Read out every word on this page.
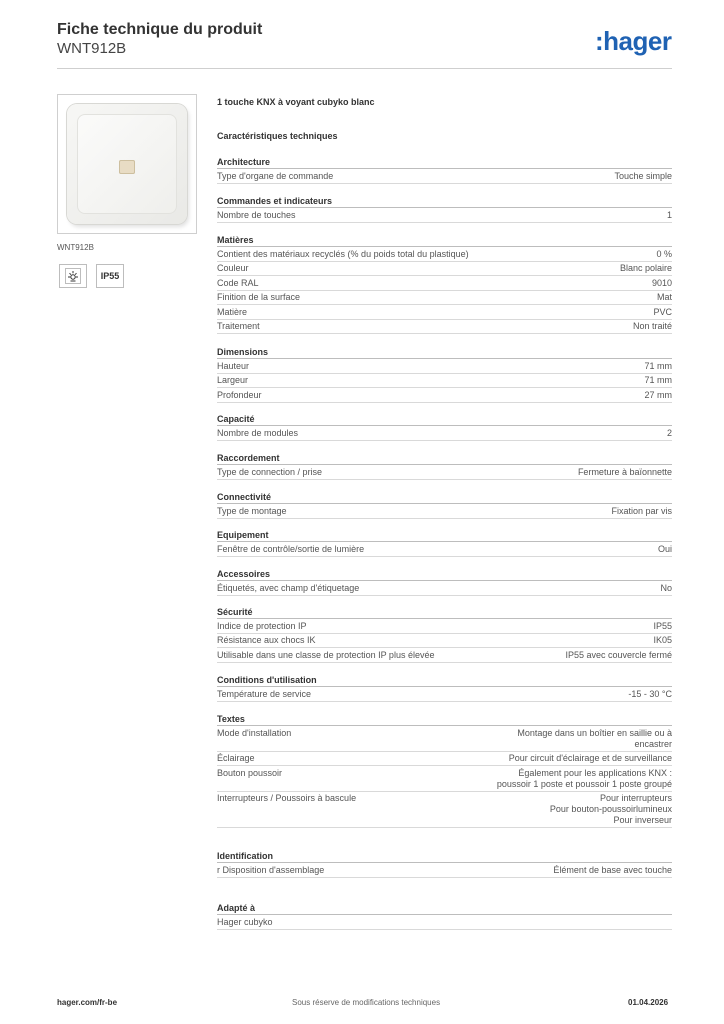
Fiche technique du produit
WNT912B	:hager
WNT912B
IP55
1 touche KNX à voyant cubyko blanc
Caractéristiques techniques
Architecture
Type d'organe de commande	Touche simple
Commandes et indicateurs
Nombre de touches	1
Matières
Contient des matériaux recyclés (% du poids total du plastique)	0 %
Couleur	Blanc polaire
Code RAL	9010
Finition de la surface	Mat
Matière	PVC
Traitement	Non traité
Dimensions
Hauteur	71 mm
Largeur	71 mm
Profondeur	27 mm
Capacité
Nombre de modules	2
Raccordement
Type de connection / prise	Fermeture à baïonnette
Connectivité
Type de montage	Fixation par vis
Equipement
Fenêtre de contrôle/sortie de lumière	Oui
Accessoires
Étiquetés, avec champ d'étiquetage	No
Sécurité
Indice de protection IP	IP55
Résistance aux chocs IK	IK05
Utilisable dans une classe de protection IP plus élevée	IP55 avec couvercle fermé
Conditions d'utilisation
Température de service	-15 - 30 °C
Textes
Mode d'installation	Montage dans un boîtier en saillie ou à encastrer
Éclairage	Pour circuit d'éclairage et de surveillance
Bouton poussoir	Également pour les applications KNX : poussoir 1 poste et poussoir 1 poste groupé
Interrupteurs / Poussoirs à bascule	Pour interrupteurs
Pour bouton-poussoirlumineux
Pour inverseur
Identification
r Disposition d'assemblage	Élément de base avec touche
Adapté à
Hager cubyko
hager.com/fr-be	Sous réserve de modifications techniques	01.04.2026
